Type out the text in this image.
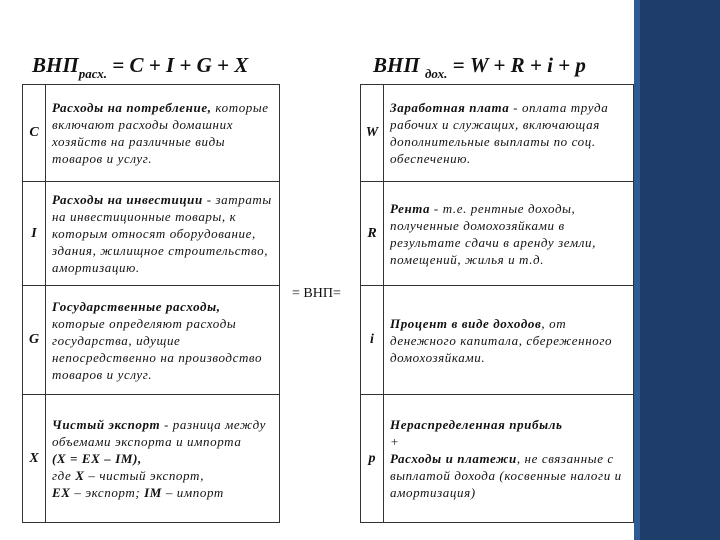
$ВНП_{расх.} = C + I + G + X$	ВНП $_{дох.}$ = W + R + i + p
C	Расходы на потребление, которые включают расходы домашних хозяйств на различные виды товаров и услуг.
I	Расходы на инвестиции - затраты на инвестиционные товары, к которым относят оборудование, здания, жилищное строительство, амортизацию.
G	Государственные расходы, которые определяют расходы государства, идущие непосредственно на производство товаров и услуг.
X	Чистый экспорт - разница между объемами экспорта и импорта
(X = EX – IM),
где X – чистый экспорт,
EX – экспорт; IM – импорт
= ВНП=
W	Заработная плата - оплата труда рабочих и служащих, включающая дополнительные выплаты по соц. обеспечению.
R	Рента - т.е. рентные доходы, полученные домохозяйками в результате сдачи в аренду земли, помещений, жилья и т.д.
i	Процент в виде доходов, от денежного капитала, сбереженного домохозяйками.
p	Нераспределенная прибыль
+
Расходы и платежи, не связанные с выплатой дохода (косвенные налоги и амортизация)
